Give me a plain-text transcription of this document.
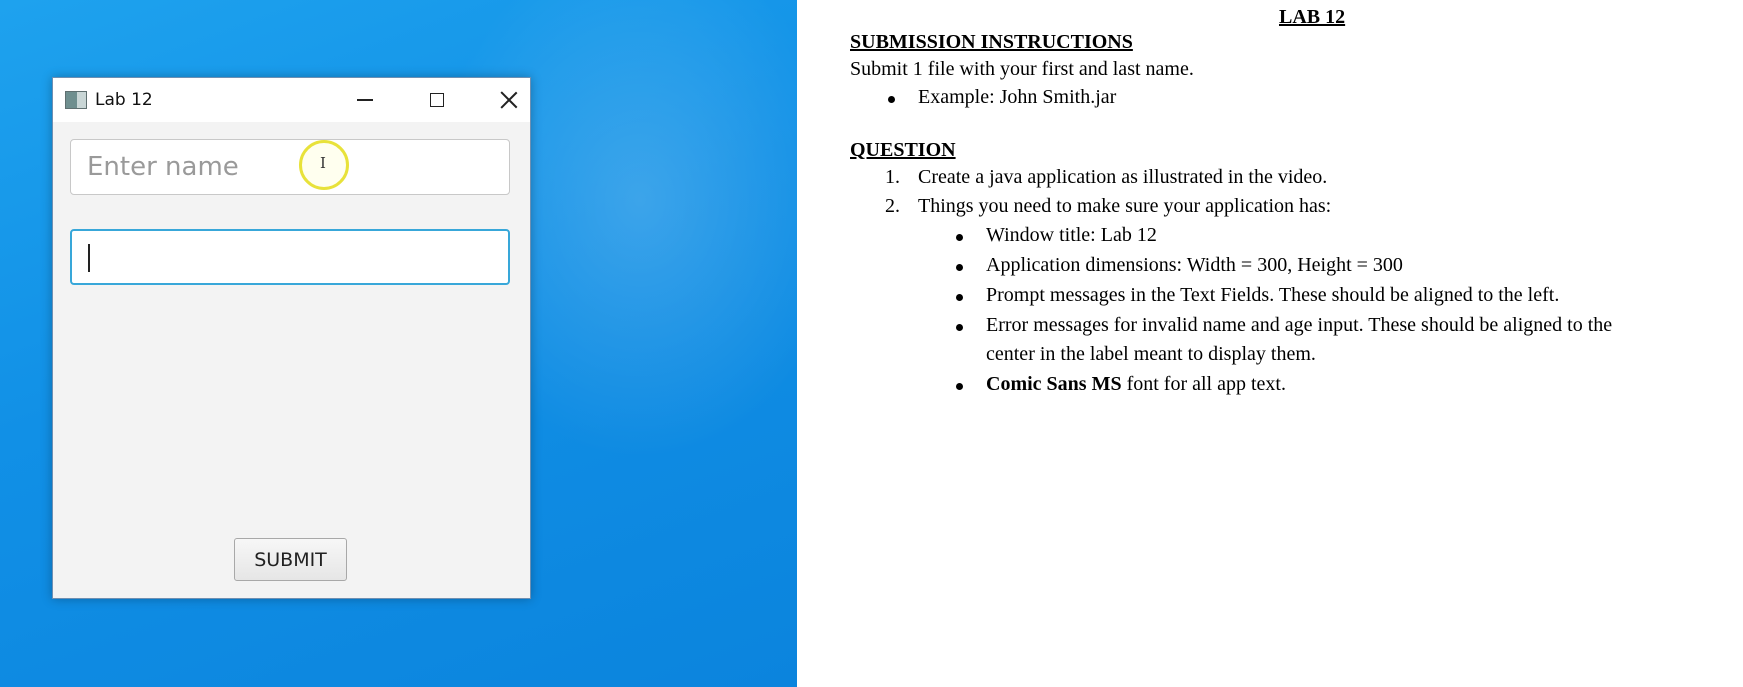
Lab 12
Enter name
I
SUBMIT
LAB 12
SUBMISSION INSTRUCTIONS
Submit 1 file with your first and last name.
Example: John Smith.jar
QUESTION
1. Create a java application as illustrated in the video.
2. Things you need to make sure your application has:
Window title: Lab 12
Application dimensions: Width = 300, Height = 300
Prompt messages in the Text Fields. These should be aligned to the left.
Error messages for invalid name and age input. These should be aligned to the
center in the label meant to display them.
Comic Sans MS font for all app text.
